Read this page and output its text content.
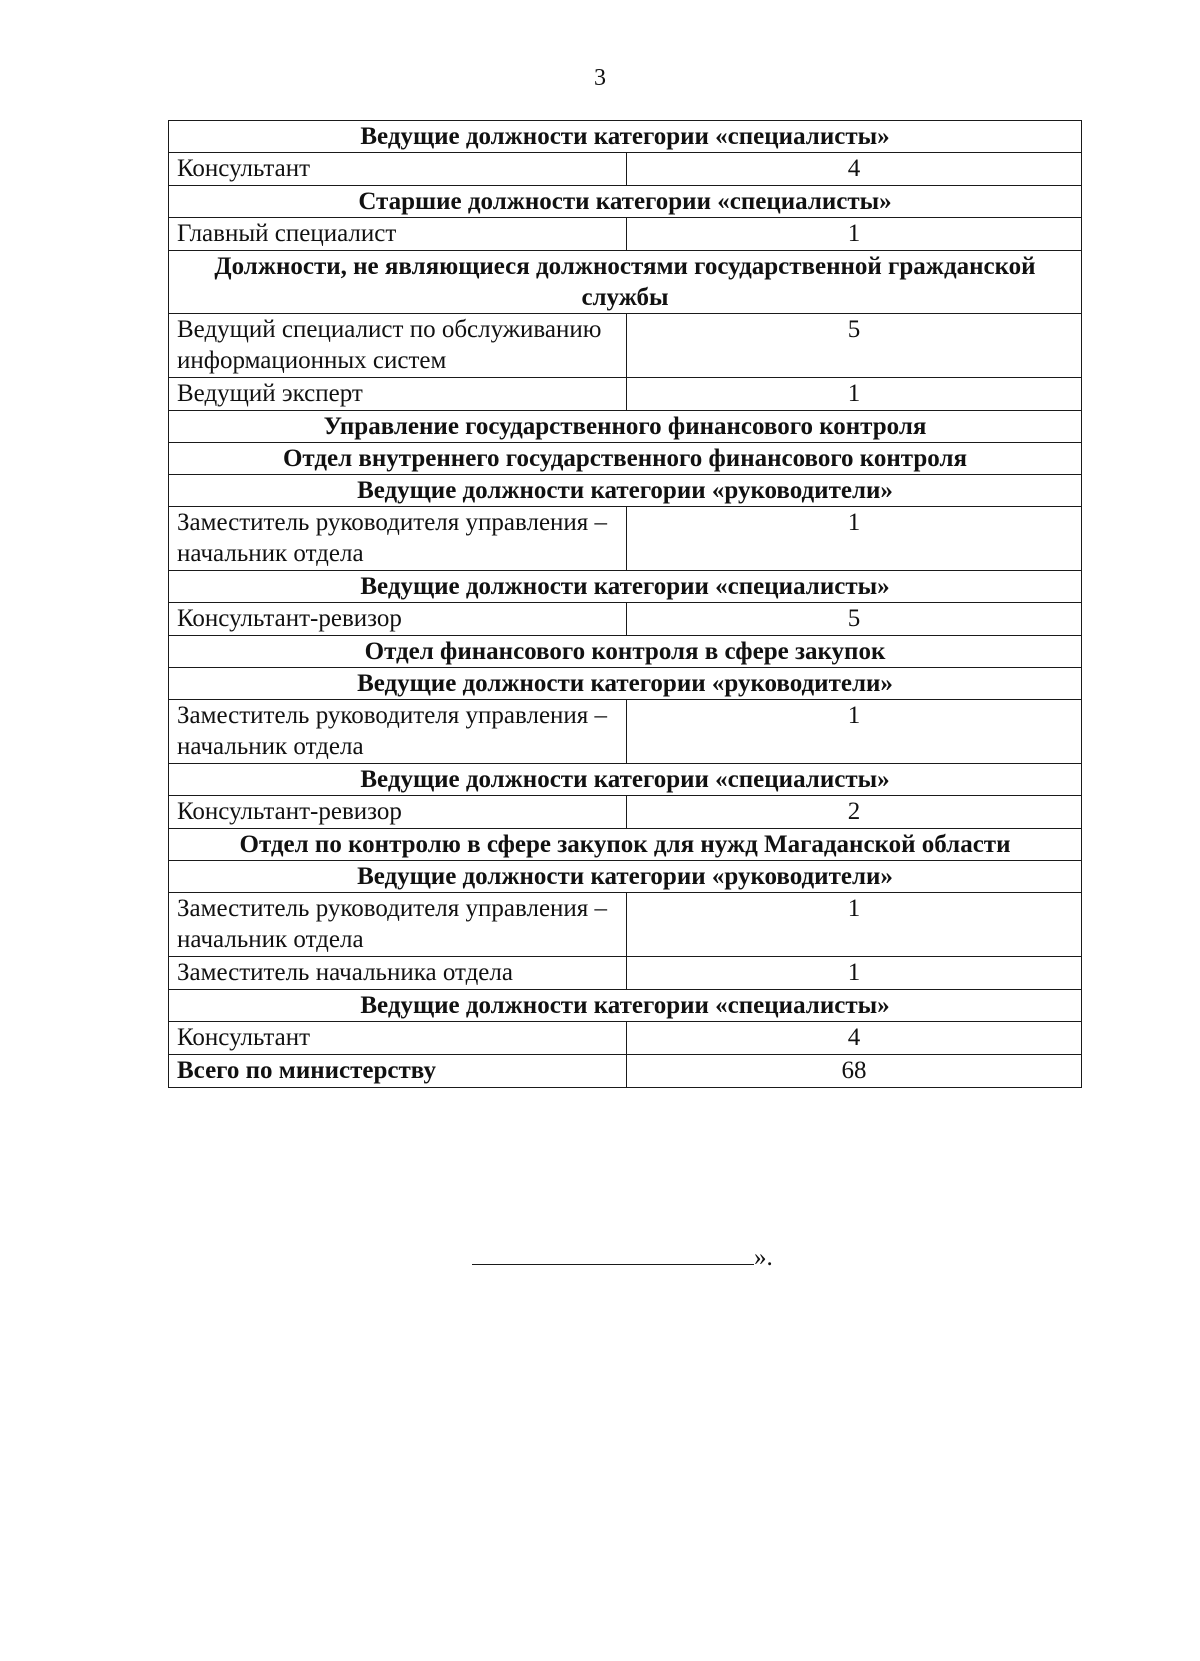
3
Ведущие должности категории «специалисты»	
Консультант	4
Старшие должности категории «специалисты»	
Главный специалист	1
Должности, не являющиеся должностями государственной гражданской службы	
Ведущий специалист по обслуживанию информационных систем	5
Ведущий эксперт	1
Управление государственного финансового контроля	
Отдел внутреннего государственного финансового контроля	
Ведущие должности категории «руководители»	
Заместитель руководителя управления – начальник отдела	1
Ведущие должности категории «специалисты»	
Консультант-ревизор	5
Отдел финансового контроля в сфере закупок	
Ведущие должности категории «руководители»	
Заместитель руководителя управления – начальник отдела	1
Ведущие должности категории «специалисты»	
Консультант-ревизор	2
Отдел по контролю в сфере закупок для нужд Магаданской области	
Ведущие должности категории «руководители»	
Заместитель руководителя управления – начальник отдела	1
Заместитель начальника отдела	1
Ведущие должности категории «специалисты»	
Консультант	4
Всего по министерству	68
».
